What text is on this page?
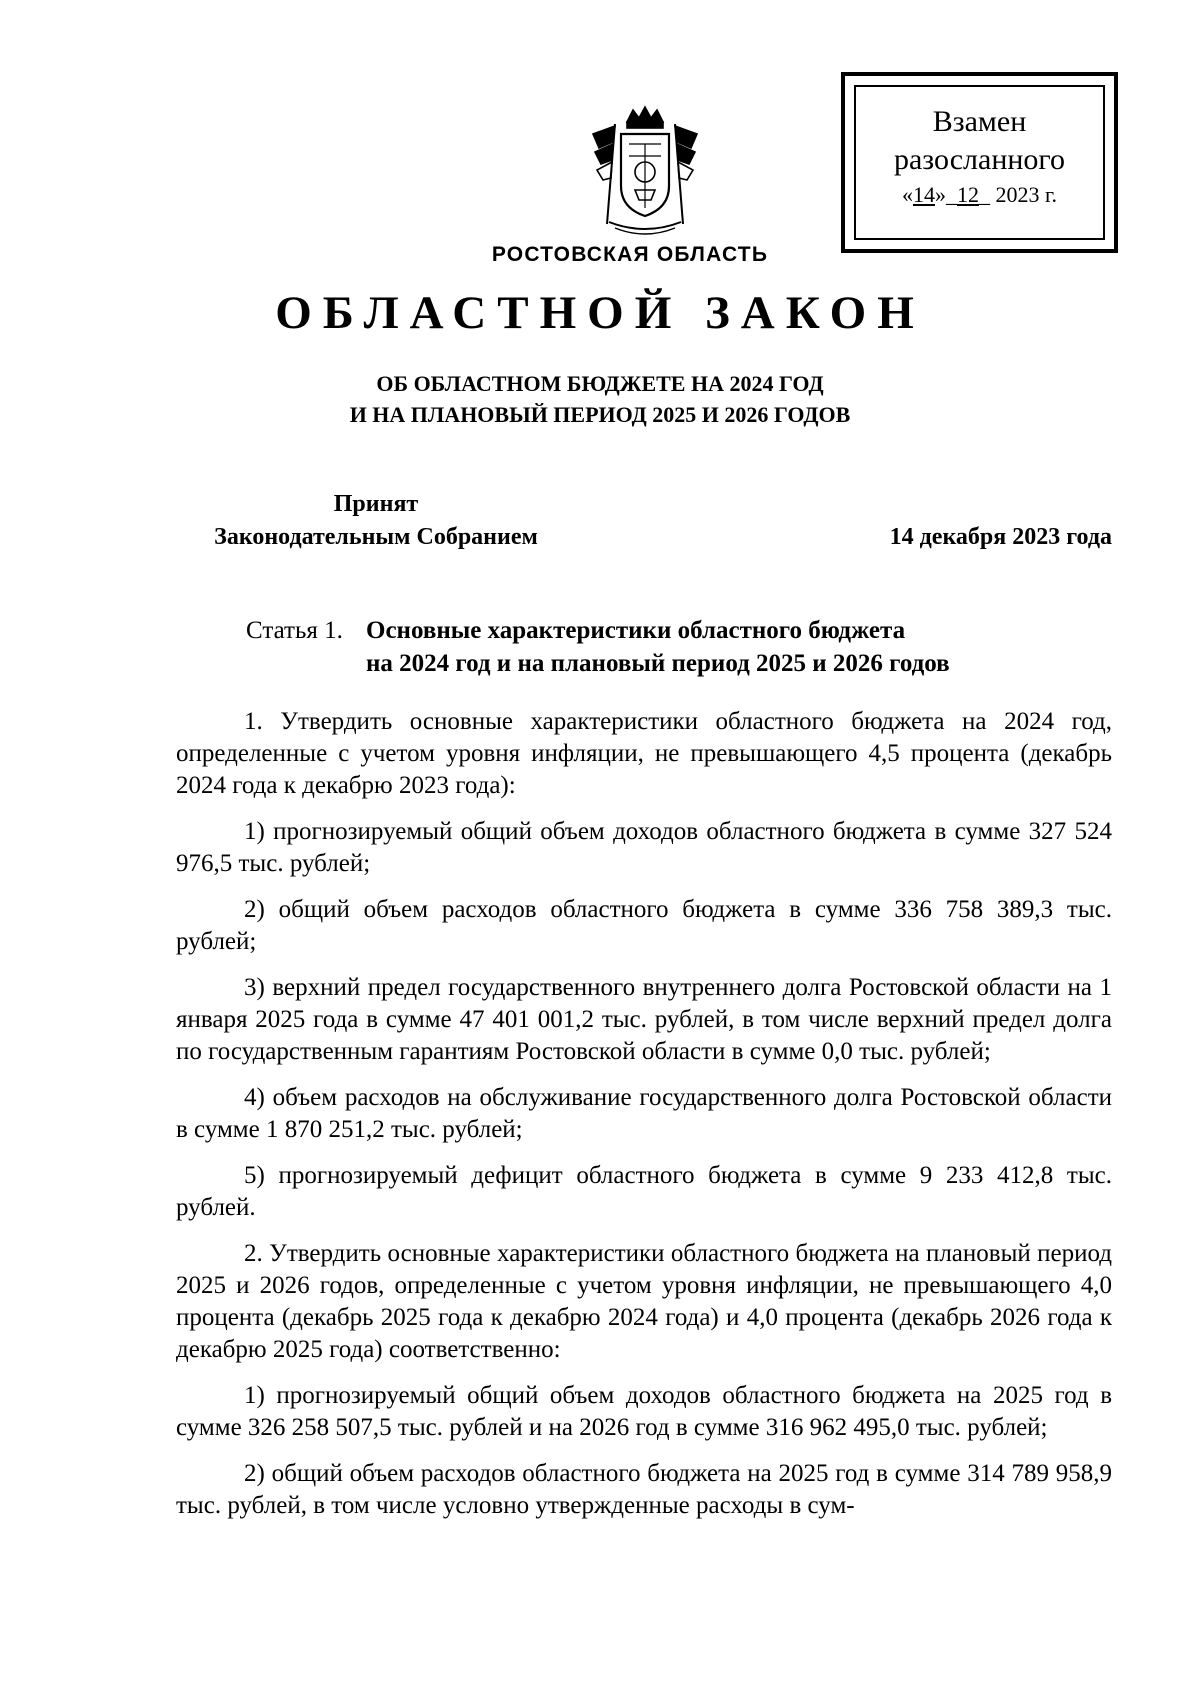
РОСТОВСКАЯ ОБЛАСТЬ
Взамен
разосланного
«14»_12_ 2023 г.
ОБЛАСТНОЙ ЗАКОН
ОБ ОБЛАСТНОМ БЮДЖЕТЕ НА 2024 ГОД
И НА ПЛАНОВЫЙ ПЕРИОД 2025 И 2026 ГОДОВ
Принят
Законодательным Собранием	14 декабря 2023 года
Статья 1. Основные характеристики областного бюджета
на 2024 год и на плановый период 2025 и 2026 годов

1. Утвердить основные характеристики областного бюджета на 2024 год, определенные с учетом уровня инфляции, не превышающего 4,5 процента (декабрь 2024 года к декабрю 2023 года):

1) прогнозируемый общий объем доходов областного бюджета в сумме 327 524 976,5 тыс. рублей;

2) общий объем расходов областного бюджета в сумме 336 758 389,3 тыс. рублей;

3) верхний предел государственного внутреннего долга Ростовской области на 1 января 2025 года в сумме 47 401 001,2 тыс. рублей, в том числе верхний предел долга по государственным гарантиям Ростовской области в сумме 0,0 тыс. рублей;

4) объем расходов на обслуживание государственного долга Ростовской области в сумме 1 870 251,2 тыс. рублей;

5) прогнозируемый дефицит областного бюджета в сумме 9 233 412,8 тыс. рублей.

2. Утвердить основные характеристики областного бюджета на плановый период 2025 и 2026 годов, определенные с учетом уровня инфляции, не превышающего 4,0 процента (декабрь 2025 года к декабрю 2024 года) и 4,0 процента (декабрь 2026 года к декабрю 2025 года) соответственно:

1) прогнозируемый общий объем доходов областного бюджета на 2025 год в сумме 326 258 507,5 тыс. рублей и на 2026 год в сумме 316 962 495,0 тыс. рублей;

2) общий объем расходов областного бюджета на 2025 год в сумме 314 789 958,9 тыс. рублей, в том числе условно утвержденные расходы в сум-
